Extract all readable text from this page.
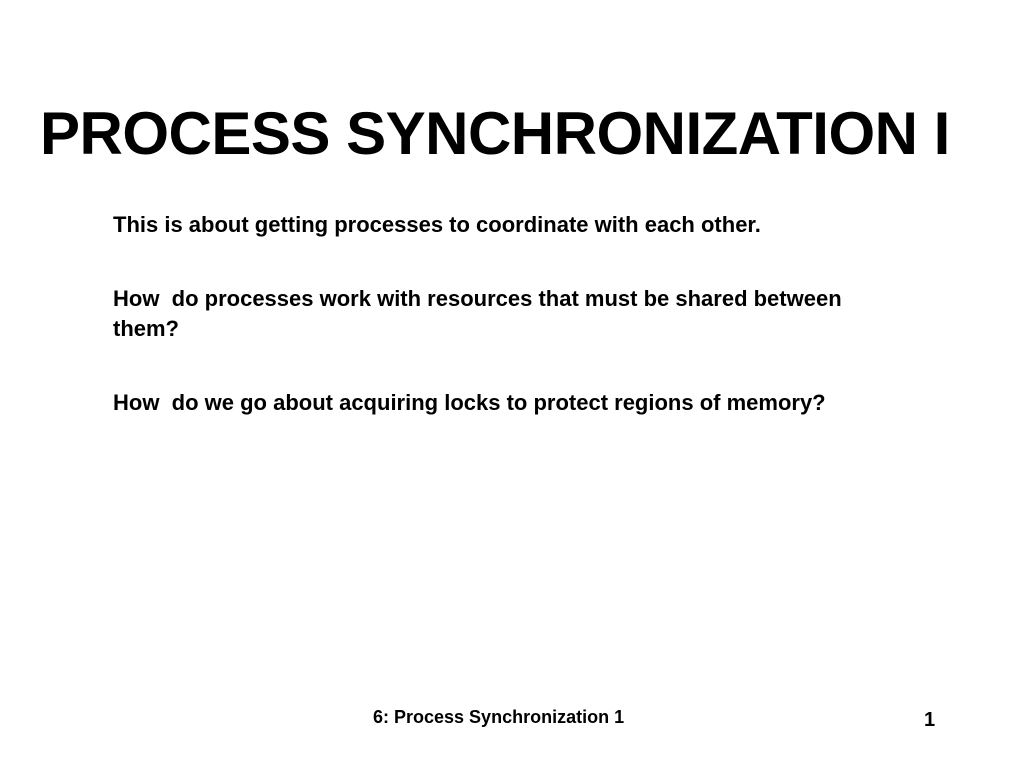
PROCESS SYNCHRONIZATION I

This is about getting processes to coordinate with each other.

How  do processes work with resources that must be shared between them?

How  do we go about acquiring locks to protect regions of memory?

6: Process Synchronization 1	1
